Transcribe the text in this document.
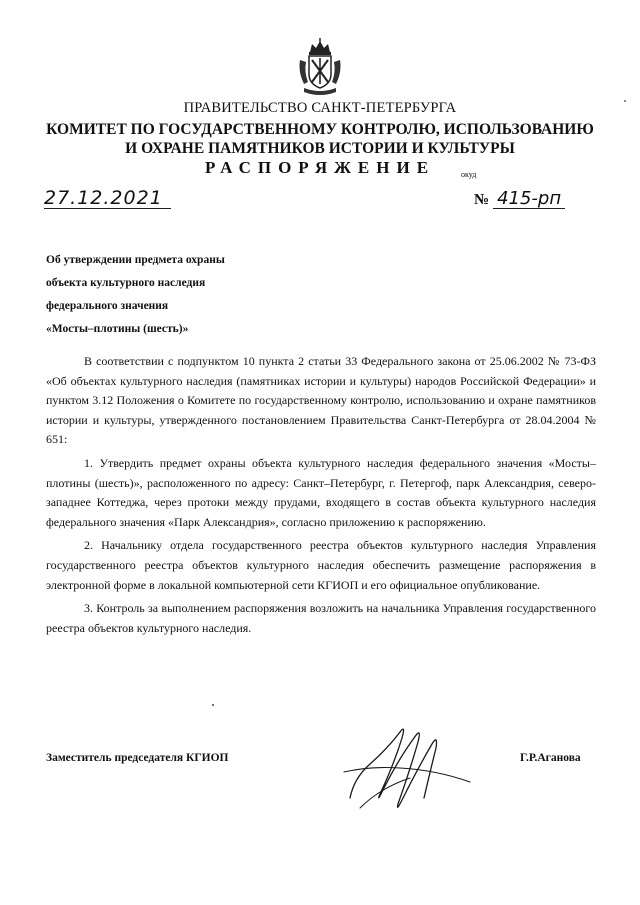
ПРАВИТЕЛЬСТВО САНКТ-ПЕТЕРБУРГА
КОМИТЕТ ПО ГОСУДАРСТВЕННОМУ КОНТРОЛЮ, ИСПОЛЬЗОВАНИЮ
И ОХРАНЕ ПАМЯТНИКОВ ИСТОРИИ И КУЛЬТУРЫ
РАСПОРЯЖЕНИЕ	окуд
27.12.2021	№ 415-рп
Об утверждении предмета охраны
объекта культурного наследия
федерального значения
«Мосты–плотины (шесть)»

В соответствии с подпунктом 10 пункта 2 статьи 33 Федерального закона от 25.06.2002 № 73-ФЗ «Об объектах культурного наследия (памятниках истории и культуры) народов Российской Федерации» и пунктом 3.12 Положения о Комитете по государственному контролю, использованию и охране памятников истории и культуры, утвержденного постановлением Правительства Санкт-Петербурга от 28.04.2004 № 651:

1. Утвердить предмет охраны объекта культурного наследия федерального значения «Мосты–плотины (шесть)», расположенного по адресу: Санкт–Петербург, г. Петергоф, парк Александрия, северо-западнее Коттеджа, через протоки между прудами, входящего в состав объекта культурного наследия федерального значения «Парк Александрия», согласно приложению к распоряжению.

2. Начальнику отдела государственного реестра объектов культурного наследия Управления государственного реестра объектов культурного наследия обеспечить размещение распоряжения в электронной форме в локальной компьютерной сети КГИОП и его официальное опубликование.

3. Контроль за выполнением распоряжения возложить на начальника Управления государственного реестра объектов культурного наследия.

Заместитель председателя КГИОП	Г.Р.Аганова
